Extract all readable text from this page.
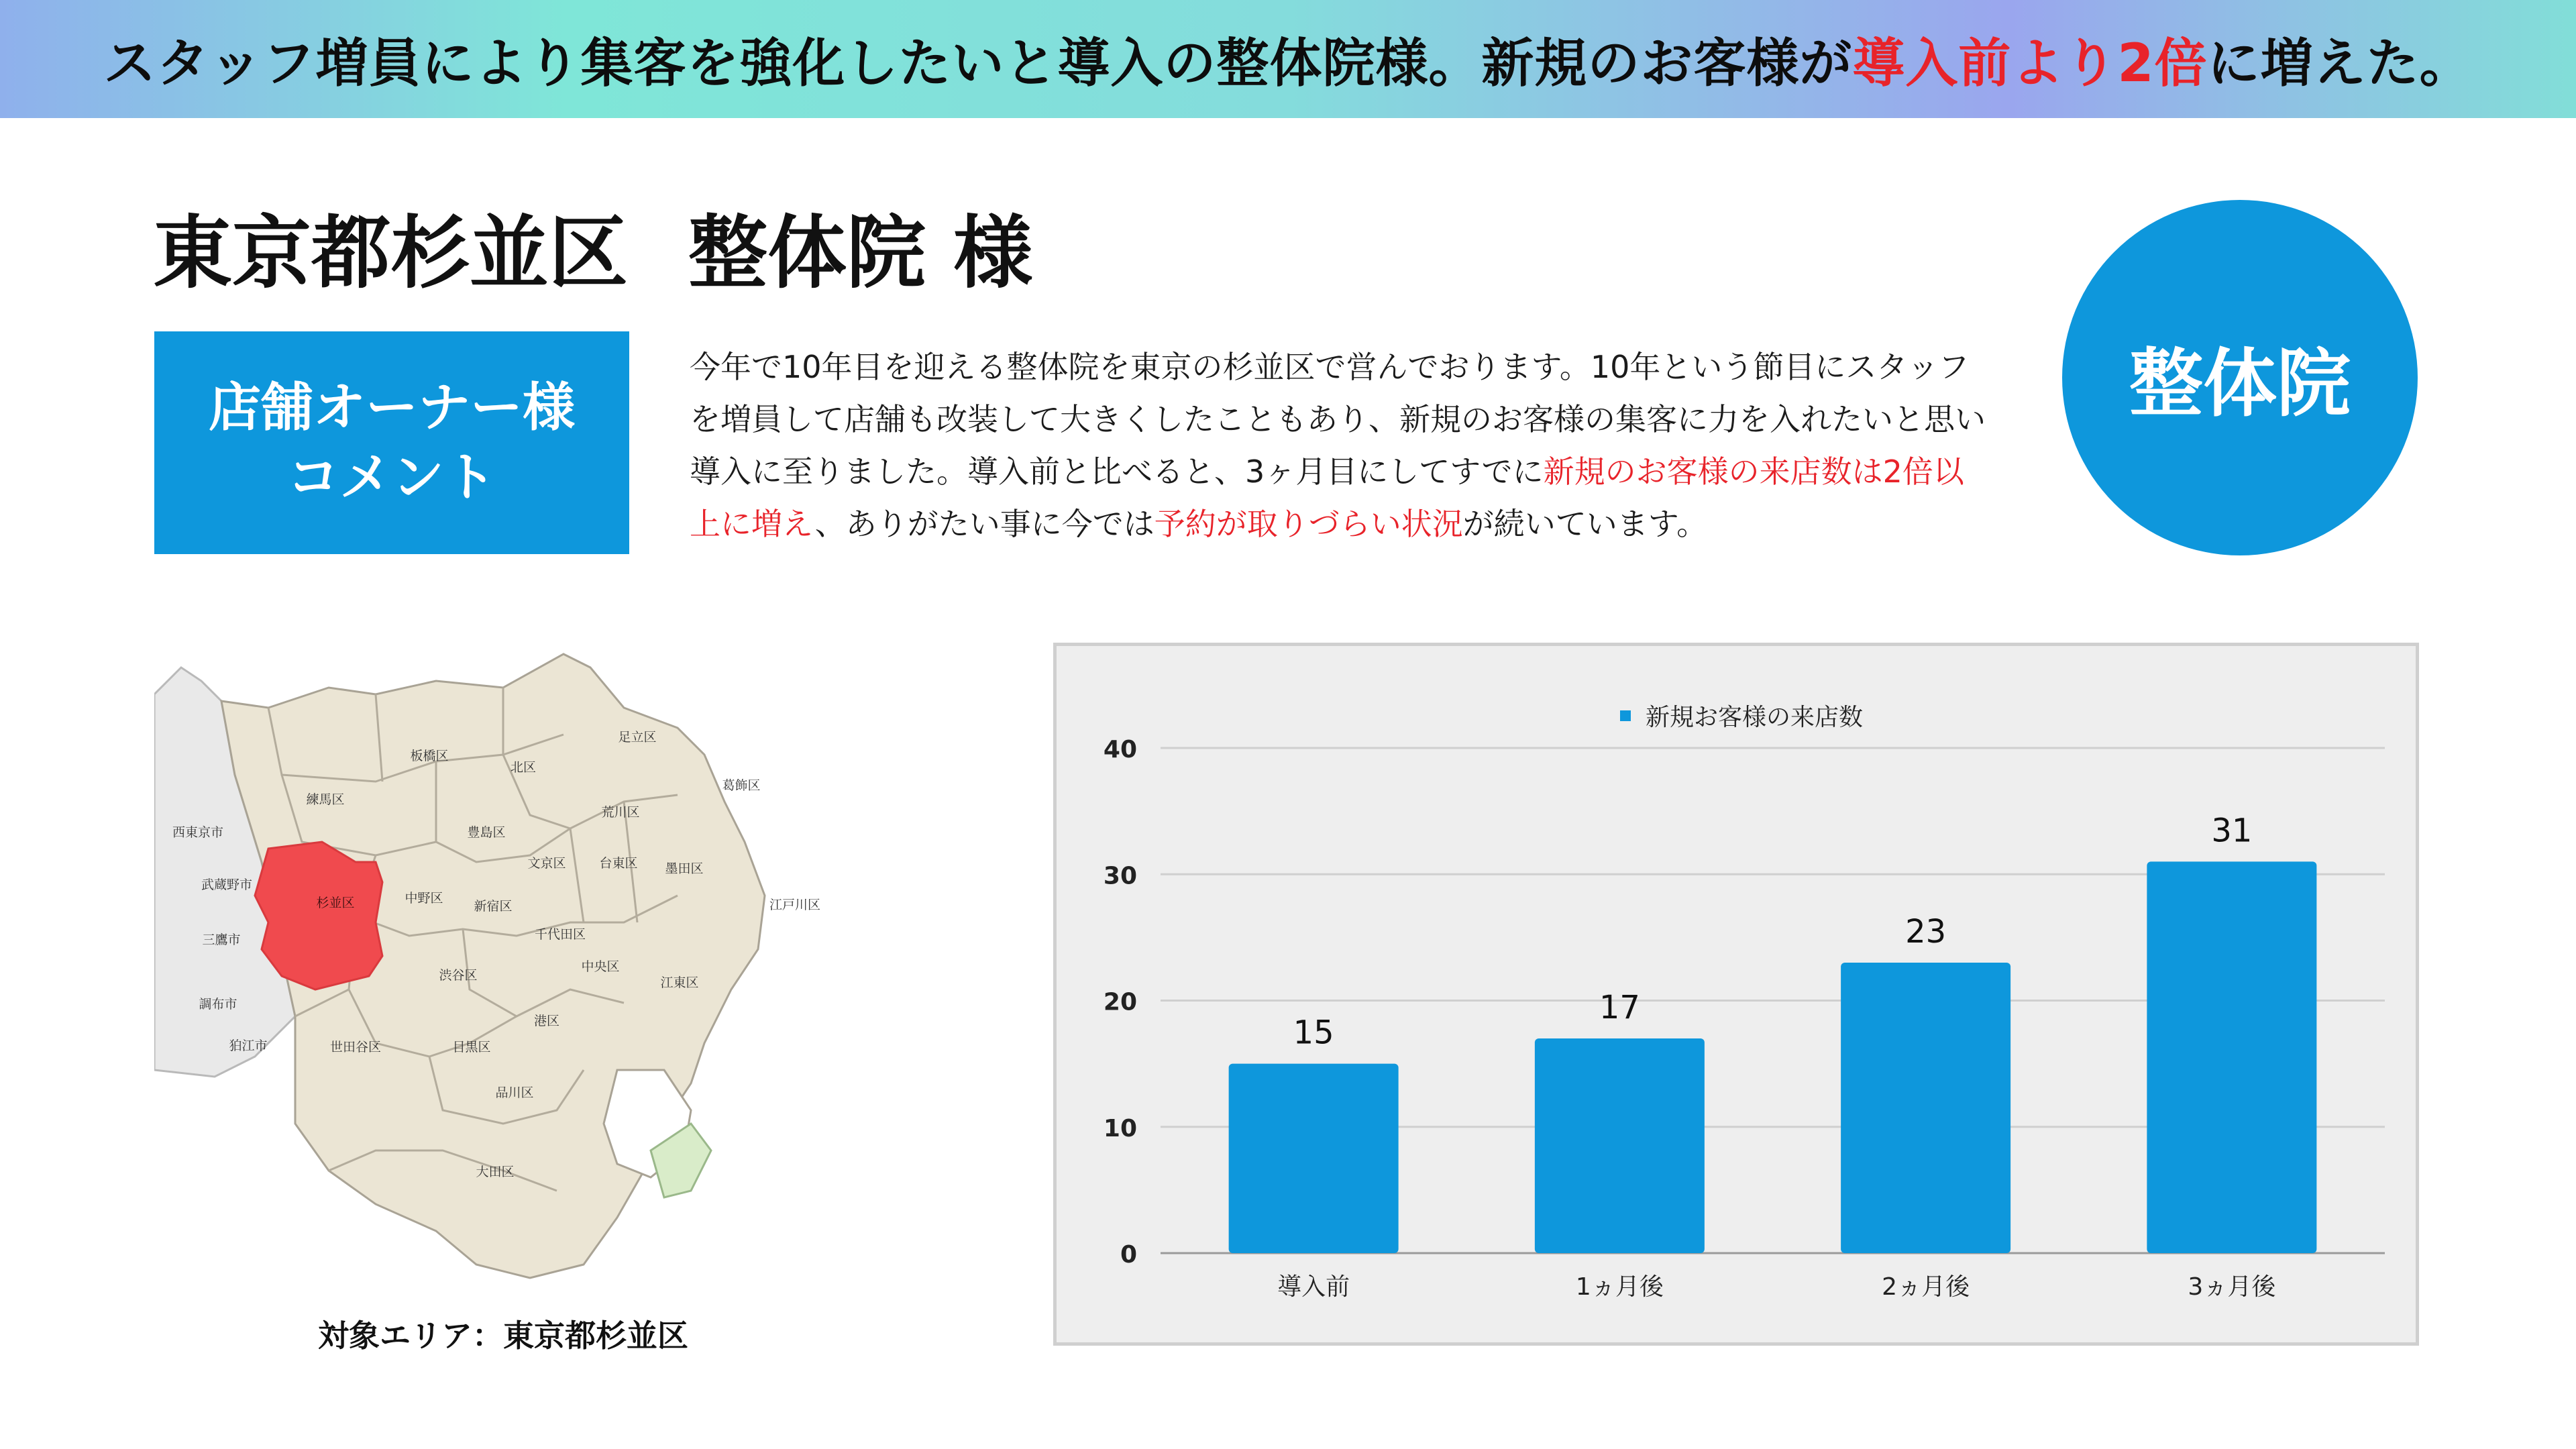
スタッフ増員により集客を強化したいと導入の整体院様。新規のお客様が導入前より2倍に増えた。
東京都杉並区 整体院 様
店舗オーナー様
コメント
今年で10年目を迎える整体院を東京の杉並区で営んでおります。10年という節目にスタッフを増員して店舗も改装して大きくしたこともあり、新規のお客様の集客に力を入れたいと思い導入に至りました。導入前と比べると、3ヶ月目にしてすでに新規のお客様の来店数は2倍以上に増え、ありがたい事に今では予約が取りづらい状況が続いています。
整体院
足立区
板橋区
北区
葛飾区
練馬区
荒川区
西東京市	豊島区
文京区	台東区 墨田区
武蔵野市
杉並区	中野区
新宿区	江戸川区
三鷹市	千代田区
中央区
渋谷区	江東区
調布市
港区
狛江市	世田谷区	目黒区
品川区
大田区
対象エリア：東京都杉並区
新規お客様の来店数
0
10
20
30
40
15
導入前
17
1ヵ月後
23
2ヵ月後
31
3ヵ月後
